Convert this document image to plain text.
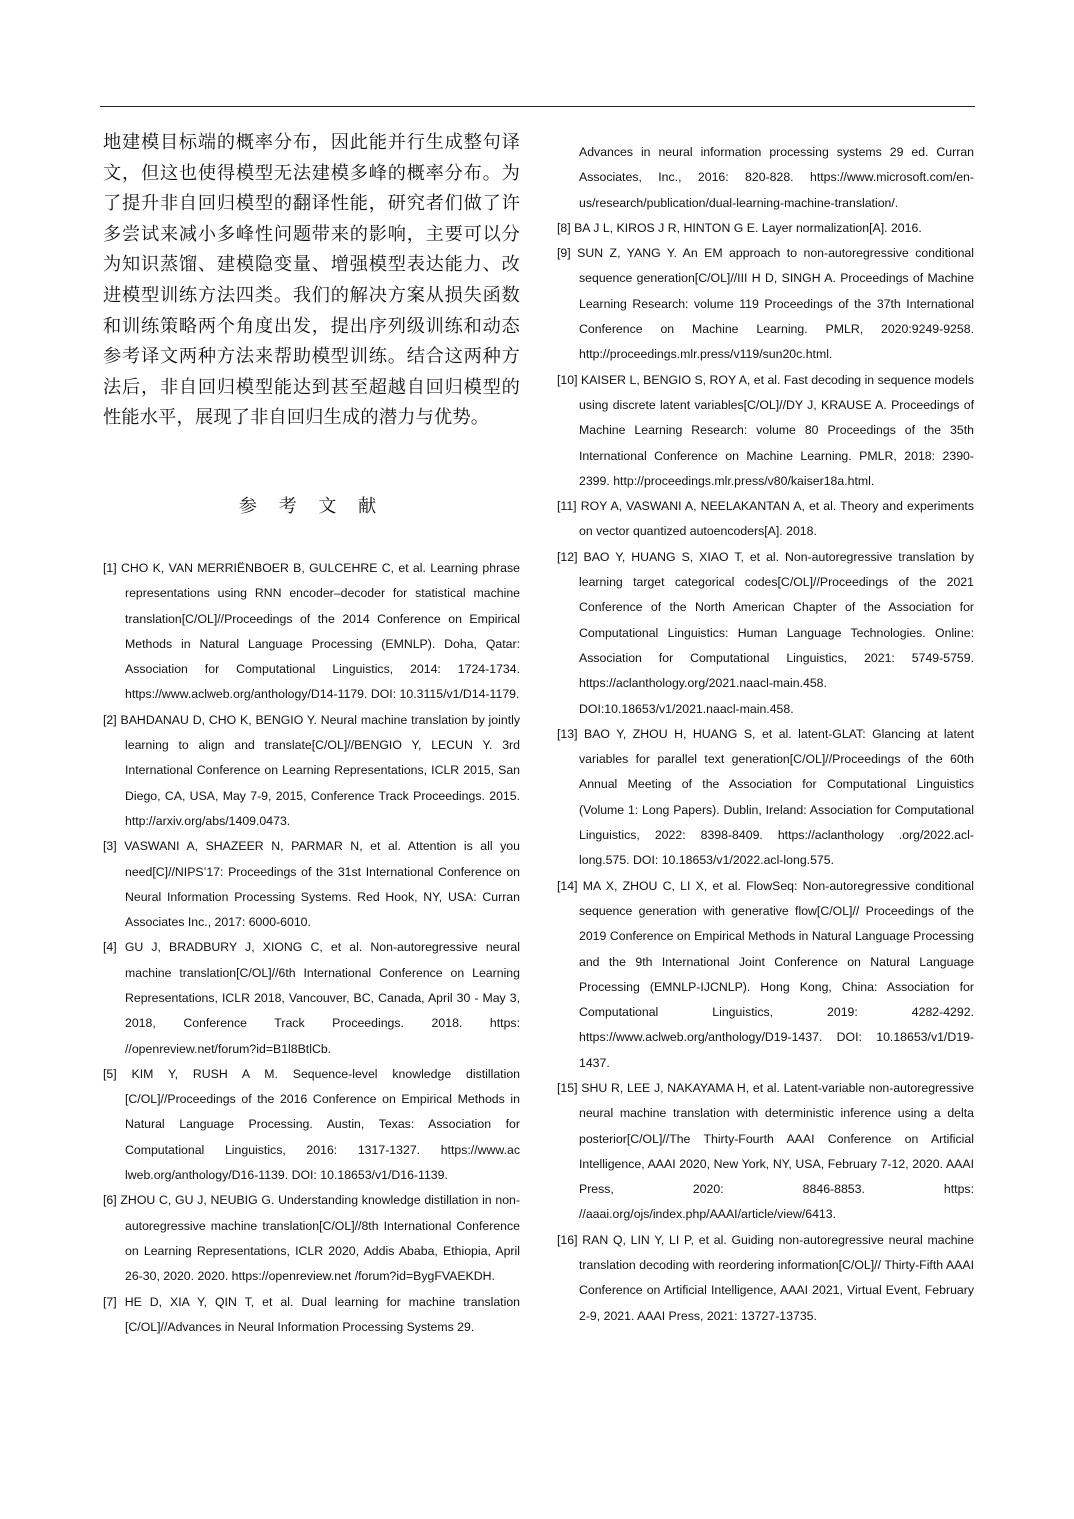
地建模目标端的概率分布，因此能并行生成整句译文，但这也使得模型无法建模多峰的概率分布。为了提升非自回归模型的翻译性能，研究者们做了许多尝试来减小多峰性问题带来的影响，主要可以分为知识蒸馏、建模隐变量、增强模型表达能力、改进模型训练方法四类。我们的解决方案从损失函数和训练策略两个角度出发，提出序列级训练和动态参考译文两种方法来帮助模型训练。结合这两种方法后，非自回归模型能达到甚至超越自回归模型的性能水平，展现了非自回归生成的潜力与优势。

参 考 文 献

[1] CHO K, VAN MERRIËNBOER B, GULCEHRE C, et al. Learning phrase representations using RNN encoder–decoder for statistical machine translation[C/OL]//Proceedings of the 2014 Conference on Empirical Methods in Natural Language Processing (EMNLP). Doha, Qatar: Association for Computational Linguistics, 2014: 1724-1734. https://www.aclweb.org/anthology/D14-1179. DOI: 10.3115/v1/D14-1179.

[2] BAHDANAU D, CHO K, BENGIO Y. Neural machine translation by jointly learning to align and translate[C/OL]//BENGIO Y, LECUN Y. 3rd International Conference on Learning Representations, ICLR 2015, San Diego, CA, USA, May 7-9, 2015, Conference Track Proceedings. 2015. http://arxiv.org/abs/1409.0473.

[3] VASWANI A, SHAZEER N, PARMAR N, et al. Attention is all you need[C]//NIPS’17: Proceedings of the 31st International Conference on Neural Information Processing Systems. Red Hook, NY, USA: Curran Associates Inc., 2017: 6000-6010.

[4] GU J, BRADBURY J, XIONG C, et al. Non-autoregressive neural machine translation[C/OL]//6th International Conference on Learning Representations, ICLR 2018, Vancouver, BC, Canada, April 30 - May 3, 2018, Conference Track Proceedings. 2018. https: //openreview.net/forum?id=B1l8BtlCb.

[5] KIM Y, RUSH A M. Sequence-level knowledge distillation [C/OL]//Proceedings of the 2016 Conference on Empirical Methods in Natural Language Processing. Austin, Texas: Association for Computational Linguistics, 2016: 1317-1327. https://www.ac lweb.org/anthology/D16-1139. DOI: 10.18653/v1/D16-1139.

[6] ZHOU C, GU J, NEUBIG G. Understanding knowledge distillation in non-autoregressive machine translation[C/OL]//8th International Conference on Learning Representations, ICLR 2020, Addis Ababa, Ethiopia, April 26-30, 2020. 2020. https://openreview.net /forum?id=BygFVAEKDH.

[7] HE D, XIA Y, QIN T, et al. Dual learning for machine translation [C/OL]//Advances in Neural Information Processing Systems 29.

Advances in neural information processing systems 29 ed. Curran Associates, Inc., 2016: 820-828. https://www.microsoft.com/en-us/research/publication/dual-learning-machine-translation/.

[8] BA J L, KIROS J R, HINTON G E. Layer normalization[A]. 2016.

[9] SUN Z, YANG Y. An EM approach to non-autoregressive conditional sequence generation[C/OL]//III H D, SINGH A. Proceedings of Machine Learning Research: volume 119 Proceedings of the 37th International Conference on Machine Learning. PMLR, 2020:9249-9258. http://proceedings.mlr.press/v119/sun20c.html.

[10] KAISER L, BENGIO S, ROY A, et al. Fast decoding in sequence models using discrete latent variables[C/OL]//DY J, KRAUSE A. Proceedings of Machine Learning Research: volume 80 Proceedings of the 35th International Conference on Machine Learning. PMLR, 2018: 2390-2399. http://proceedings.mlr.press/v80/kaiser18a.html.

[11] ROY A, VASWANI A, NEELAKANTAN A, et al. Theory and experiments on vector quantized autoencoders[A]. 2018.

[12] BAO Y, HUANG S, XIAO T, et al. Non-autoregressive translation by learning target categorical codes[C/OL]//Proceedings of the 2021 Conference of the North American Chapter of the Association for Computational Linguistics: Human Language Technologies. Online: Association for Computational Linguistics, 2021: 5749-5759. https://aclanthology.org/2021.naacl-main.458. DOI:10.18653/v1/2021.naacl-main.458.

[13] BAO Y, ZHOU H, HUANG S, et al. latent-GLAT: Glancing at latent variables for parallel text generation[C/OL]//Proceedings of the 60th Annual Meeting of the Association for Computational Linguistics (Volume 1: Long Papers). Dublin, Ireland: Association for Computational Linguistics, 2022: 8398-8409. https://aclanthology .org/2022.acl-long.575. DOI: 10.18653/v1/2022.acl-long.575.

[14] MA X, ZHOU C, LI X, et al. FlowSeq: Non-autoregressive conditional sequence generation with generative flow[C/OL]// Proceedings of the 2019 Conference on Empirical Methods in Natural Language Processing and the 9th International Joint Conference on Natural Language Processing (EMNLP-IJCNLP). Hong Kong, China: Association for Computational Linguistics, 2019: 4282-4292. https://www.aclweb.org/anthology/D19-1437. DOI: 10.18653/v1/D19-1437.

[15] SHU R, LEE J, NAKAYAMA H, et al. Latent-variable non-autoregressive neural machine translation with deterministic inference using a delta posterior[C/OL]//The Thirty-Fourth AAAI Conference on Artificial Intelligence, AAAI 2020, New York, NY, USA, February 7-12, 2020. AAAI Press, 2020: 8846-8853. https: //aaai.org/ojs/index.php/AAAI/article/view/6413.

[16] RAN Q, LIN Y, LI P, et al. Guiding non-autoregressive neural machine translation decoding with reordering information[C/OL]// Thirty-Fifth AAAI Conference on Artificial Intelligence, AAAI 2021, Virtual Event, February 2-9, 2021. AAAI Press, 2021: 13727-13735.
